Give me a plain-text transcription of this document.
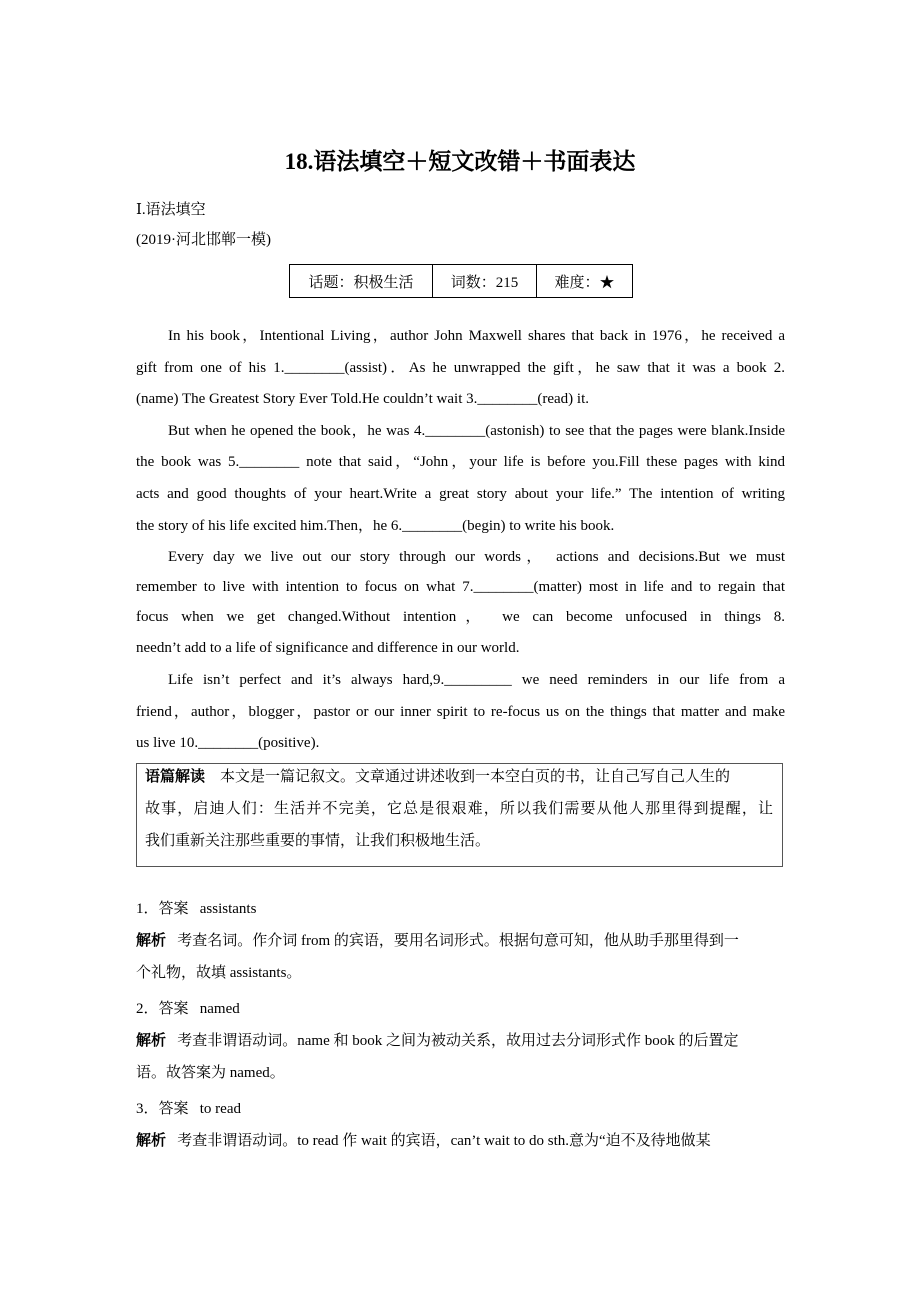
18.语法填空＋短文改错＋书面表达
Ⅰ.语法填空
(2019·河北邯郸一模)
话题：积极生活	词数：215	难度：★
In his book，Intentional Living，author John Maxwell shares that back in 1976，he received a
gift from one of his 1.________(assist)．As he unwrapped the gift，he saw that it was a book 2.
(name) The Greatest Story Ever Told.He couldn’t wait 3.________(read) it.
But when he opened the book，he was 4.________(astonish) to see that the pages were blank.Inside
the book was 5.________ note that said，“John，your life is before you.Fill these pages with kind
acts and good thoughts of your heart.Write a great story about your life.” The intention of writing
the story of his life excited him.Then，he 6.________(begin) to write his book.
Every day we live out our story through our words， actions and decisions.But we must
remember to live with intention to focus on what 7.________(matter) most in life and to regain that
focus when we get changed.Without intention， we can become unfocused in things 8.
needn’t add to a life of significance and difference in our world.
Life isn’t perfect and it’s always hard,9._________ we need reminders in our life from a
friend，author，blogger，pastor or our inner spirit to re-focus us on the things that matter and make
us live 10.________(positive).
语篇解读 本文是一篇记叙文。文章通过讲述收到一本空白页的书，让自己写自己人生的
故事，启迪人们：生活并不完美，它总是很艰难，所以我们需要从他人那里得到提醒，让
我们重新关注那些重要的事情，让我们积极地生活。
1．答案 assistants
解析 考查名词。作介词 from 的宾语，要用名词形式。根据句意可知，他从助手那里得到一
个礼物，故填 assistants。
2．答案 named
解析 考查非谓语动词。name 和 book 之间为被动关系，故用过去分词形式作 book 的后置定
语。故答案为 named。
3．答案 to read
解析 考查非谓语动词。to read 作 wait 的宾语，can’t wait to do sth.意为“迫不及待地做某
